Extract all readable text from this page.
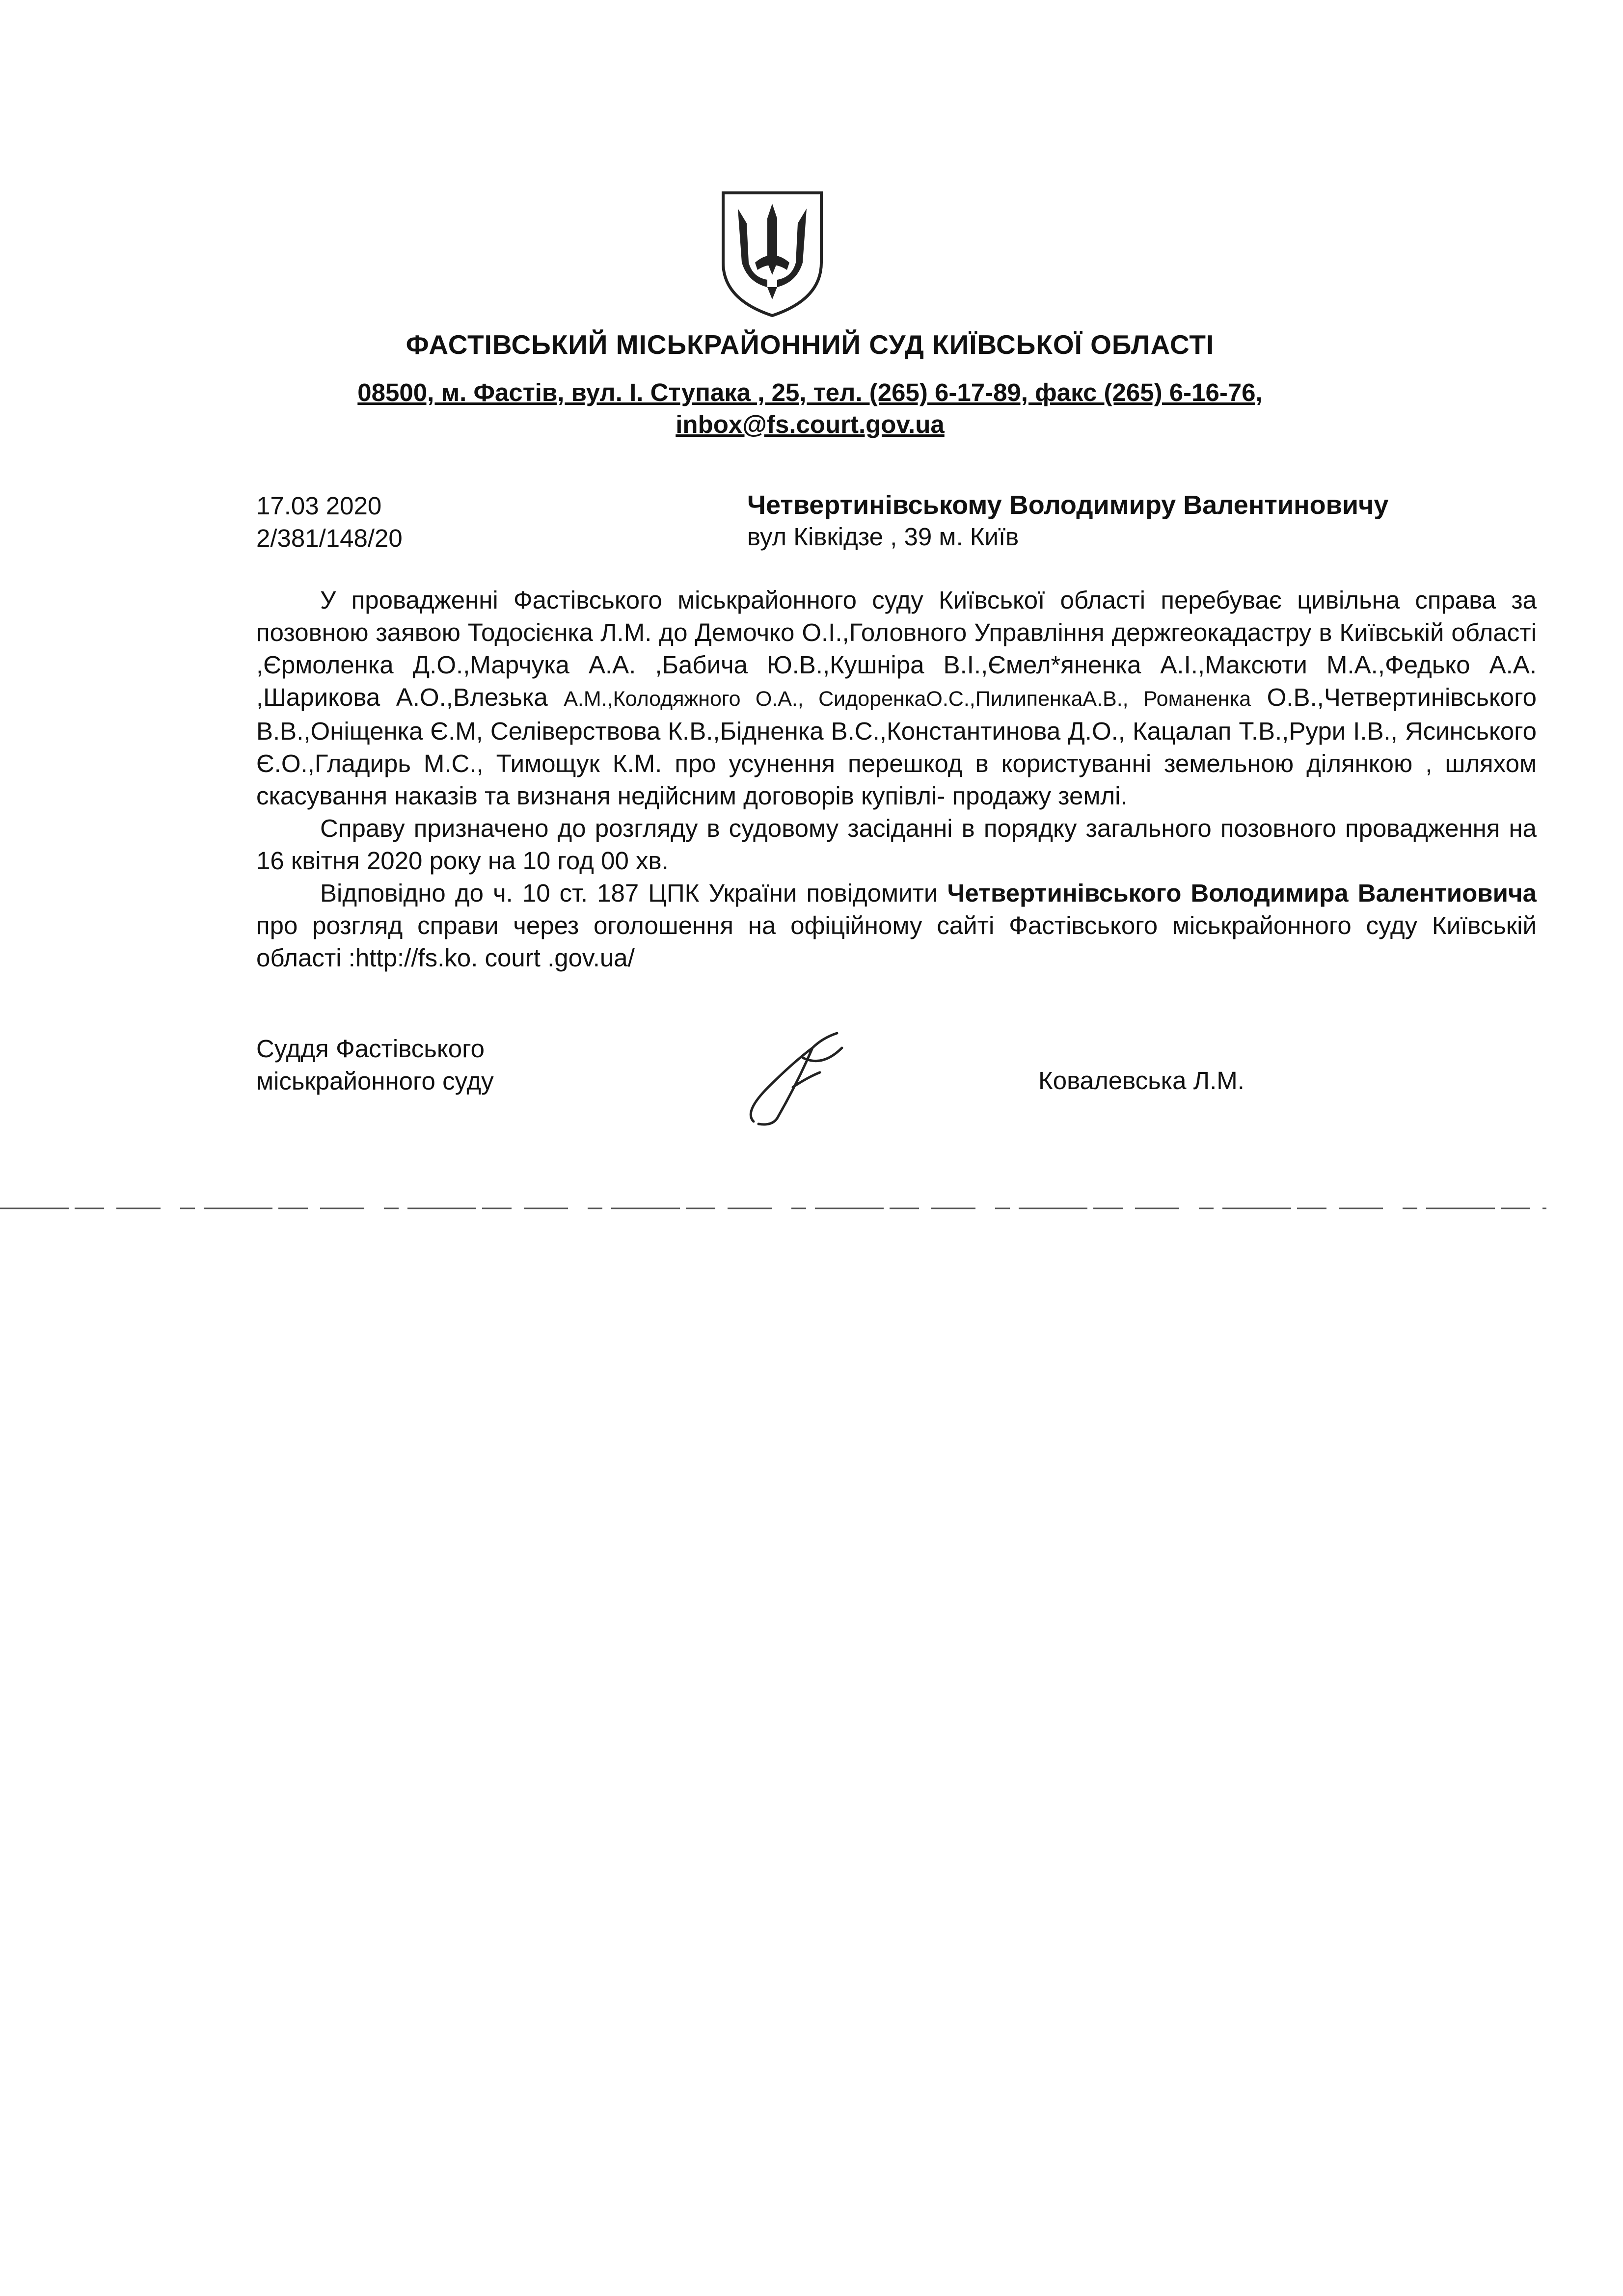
ФАСТІВСЬКИЙ МІСЬКРАЙОННИЙ СУД КИЇВСЬКОЇ ОБЛАСТІ
08500, м. Фастів, вул. І. Ступака , 25, тел. (265) 6-17-89, факс (265) 6-16-76,
inbox@fs.court.gov.ua
17.03 2020
2/381/148/20
Четвертинівському Володимиру Валентиновичу
вул Ківкідзе , 39 м. Київ

У провадженні Фастівського міськрайонного суду Київської області перебуває цивільна справа за позовною заявою Тодосієнка Л.М. до Демочко О.І.,Головного Управління держгеокадастру в Київській області ,Єрмоленка Д.О.,Марчука А.А. ,Бабича Ю.В.,Кушніра В.І.,Ємел*яненка А.І.,Максюти М.А.,Федько А.А. ,Шарикова А.О.,Влезька А.М.,Колодяжного О.А., СидоренкаО.С.,ПилипенкаА.В., Романенка О.В.,Четвертинівського В.В.,Оніщенка Є.М, Селіверствова К.В.,Бідненка В.С.,Константинова Д.О., Кацалап Т.В.,Рури І.В., Ясинського Є.О.,Гладирь М.С., Тимощук К.М. про усунення перешкод в користуванні земельною ділянкою , шляхом скасування наказів та визнаня недійсним договорів купівлі- продажу землі.

Справу призначено до розгляду в судовому засіданні в порядку загального позовного провадження на 16 квітня 2020 року на 10 год 00 хв.

Відповідно до ч. 10 ст. 187 ЦПК України повідомити Четвертинівського Володимира Валентиовича про розгляд справи через оголошення на офіційному сайті Фастівського міськрайонного суду Київській області :http://fs.ko. court .gov.ua/

Суддя Фастівського
міськрайонного суду	Ковалевська Л.М.
